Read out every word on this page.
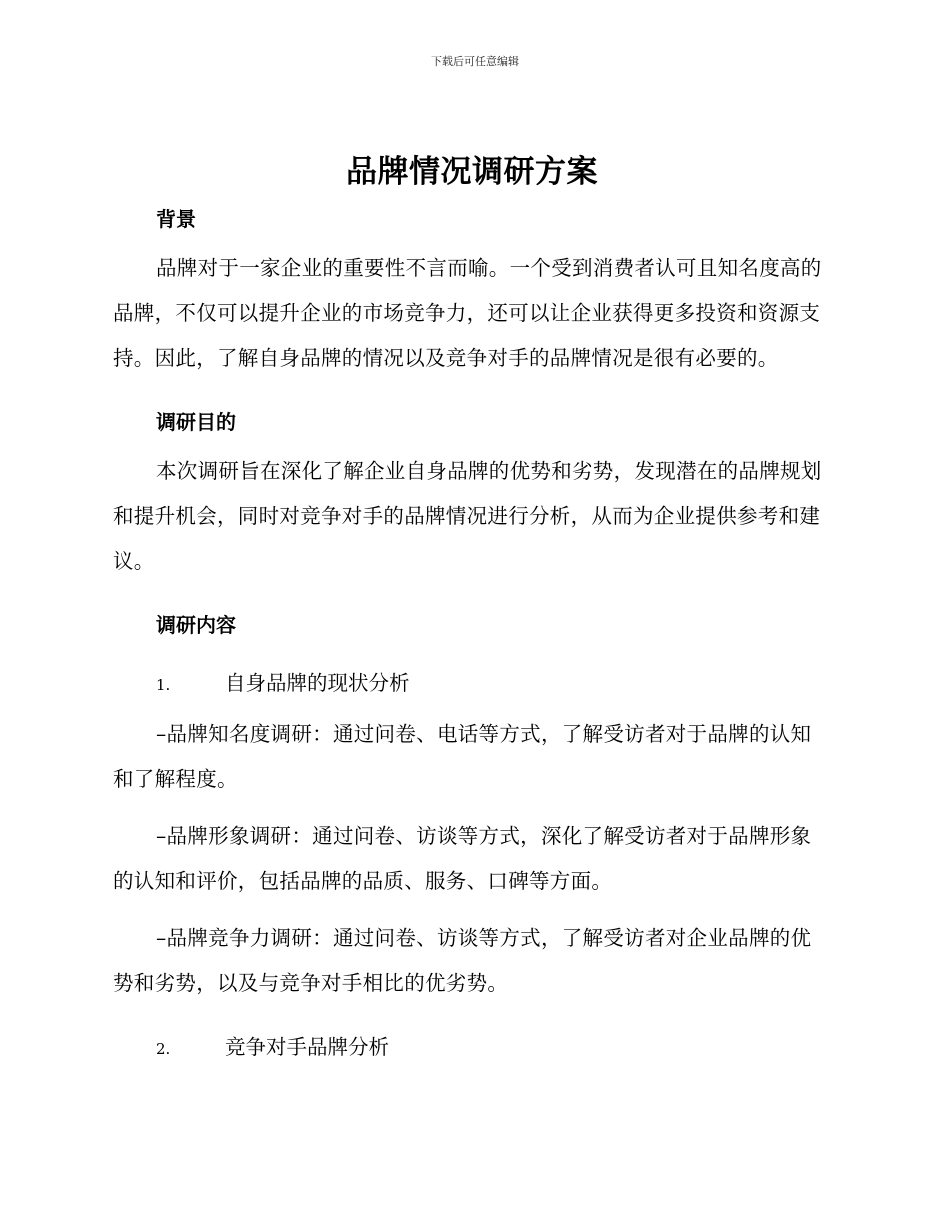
下载后可任意编辑
品牌情况调研方案
背景

品牌对于一家企业的重要性不言而喻。一个受到消费者认可且知名度高的品牌，不仅可以提升企业的市场竞争力，还可以让企业获得更多投资和资源支持。因此，了解自身品牌的情况以及竞争对手的品牌情况是很有必要的。

调研目的

本次调研旨在深化了解企业自身品牌的优势和劣势，发现潜在的品牌规划和提升机会，同时对竞争对手的品牌情况进行分析，从而为企业提供参考和建议。

调研内容
1.	自身品牌的现状分析

–品牌知名度调研：通过问卷、电话等方式，了解受访者对于品牌的认知和了解程度。

–品牌形象调研：通过问卷、访谈等方式，深化了解受访者对于品牌形象的认知和评价，包括品牌的品质、服务、口碑等方面。

–品牌竞争力调研：通过问卷、访谈等方式，了解受访者对企业品牌的优势和劣势，以及与竞争对手相比的优劣势。

2.	竞争对手品牌分析
